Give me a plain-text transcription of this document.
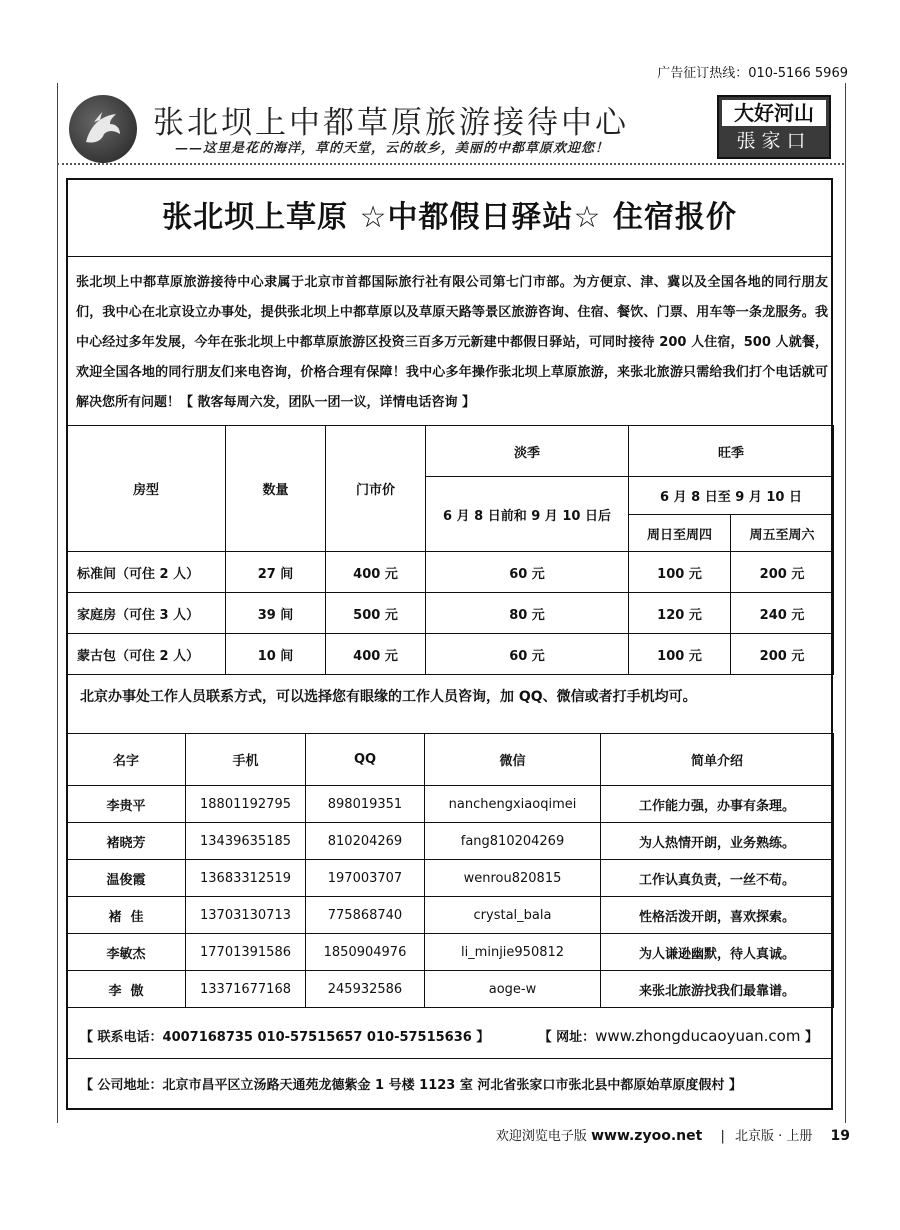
广告征订热线：010-5166 5969
张北坝上中都草原旅游接待中心
——这里是花的海洋，草的天堂，云的故乡，美丽的中都草原欢迎您！
大好河山
張家口
张北坝上草原 ☆中都假日驿站☆ 住宿报价
张北坝上中都草原旅游接待中心隶属于北京市首都国际旅行社有限公司第七门市部。为方便京、津、冀以及全国各地的同行朋友们，我中心在北京设立办事处，提供张北坝上中都草原以及草原天路等景区旅游咨询、住宿、餐饮、门票、用车等一条龙服务。我中心经过多年发展，今年在张北坝上中都草原旅游区投资三百多万元新建中都假日驿站，可同时接待 200 人住宿，500 人就餐，欢迎全国各地的同行朋友们来电咨询，价格合理有保障！我中心多年操作张北坝上草原旅游，来张北旅游只需给我们打个电话就可解决您所有问题！【 散客每周六发，团队一团一议，详情电话咨询 】
房型	数量	门市价	淡季	旺季	
			6 月 8 日前和 9 月 10 日后	6 月 8 日至 9 月 10 日	
				周日至周四	周五至周六
标准间（可住 2 人）	27 间	400 元	60 元	100 元	200 元
家庭房（可住 3 人）	39 间	500 元	80 元	120 元	240 元
蒙古包（可住 2 人）	10 间	400 元	60 元	100 元	200 元
北京办事处工作人员联系方式，可以选择您有眼缘的工作人员咨询，加 QQ、微信或者打手机均可。
名字	手机	QQ	微信	简单介绍
李贵平	18801192795	898019351	nanchengxiaoqimei	工作能力强，办事有条理。
褚晓芳	13439635185	810204269	fang810204269	为人热情开朗，业务熟练。
温俊霞	13683312519	197003707	wenrou820815	工作认真负责，一丝不苟。
褚  佳	13703130713	775868740	crystal_bala	性格活泼开朗，喜欢探索。
李敏杰	17701391586	1850904976	li_minjie950812	为人谦逊幽默，待人真诚。
李  傲	13371677168	245932586	aoge-w	来张北旅游找我们最靠谱。
【 联系电话：4007168735 010-57515657 010-57515636 】	【 网址：www.zhongducaoyuan.com 】
【 公司地址：北京市昌平区立汤路天通苑龙德紫金 1 号楼 1123 室 河北省张家口市张北县中都原始草原度假村 】
欢迎浏览电子版 www.zyoo.net | 北京版 · 上册 19
